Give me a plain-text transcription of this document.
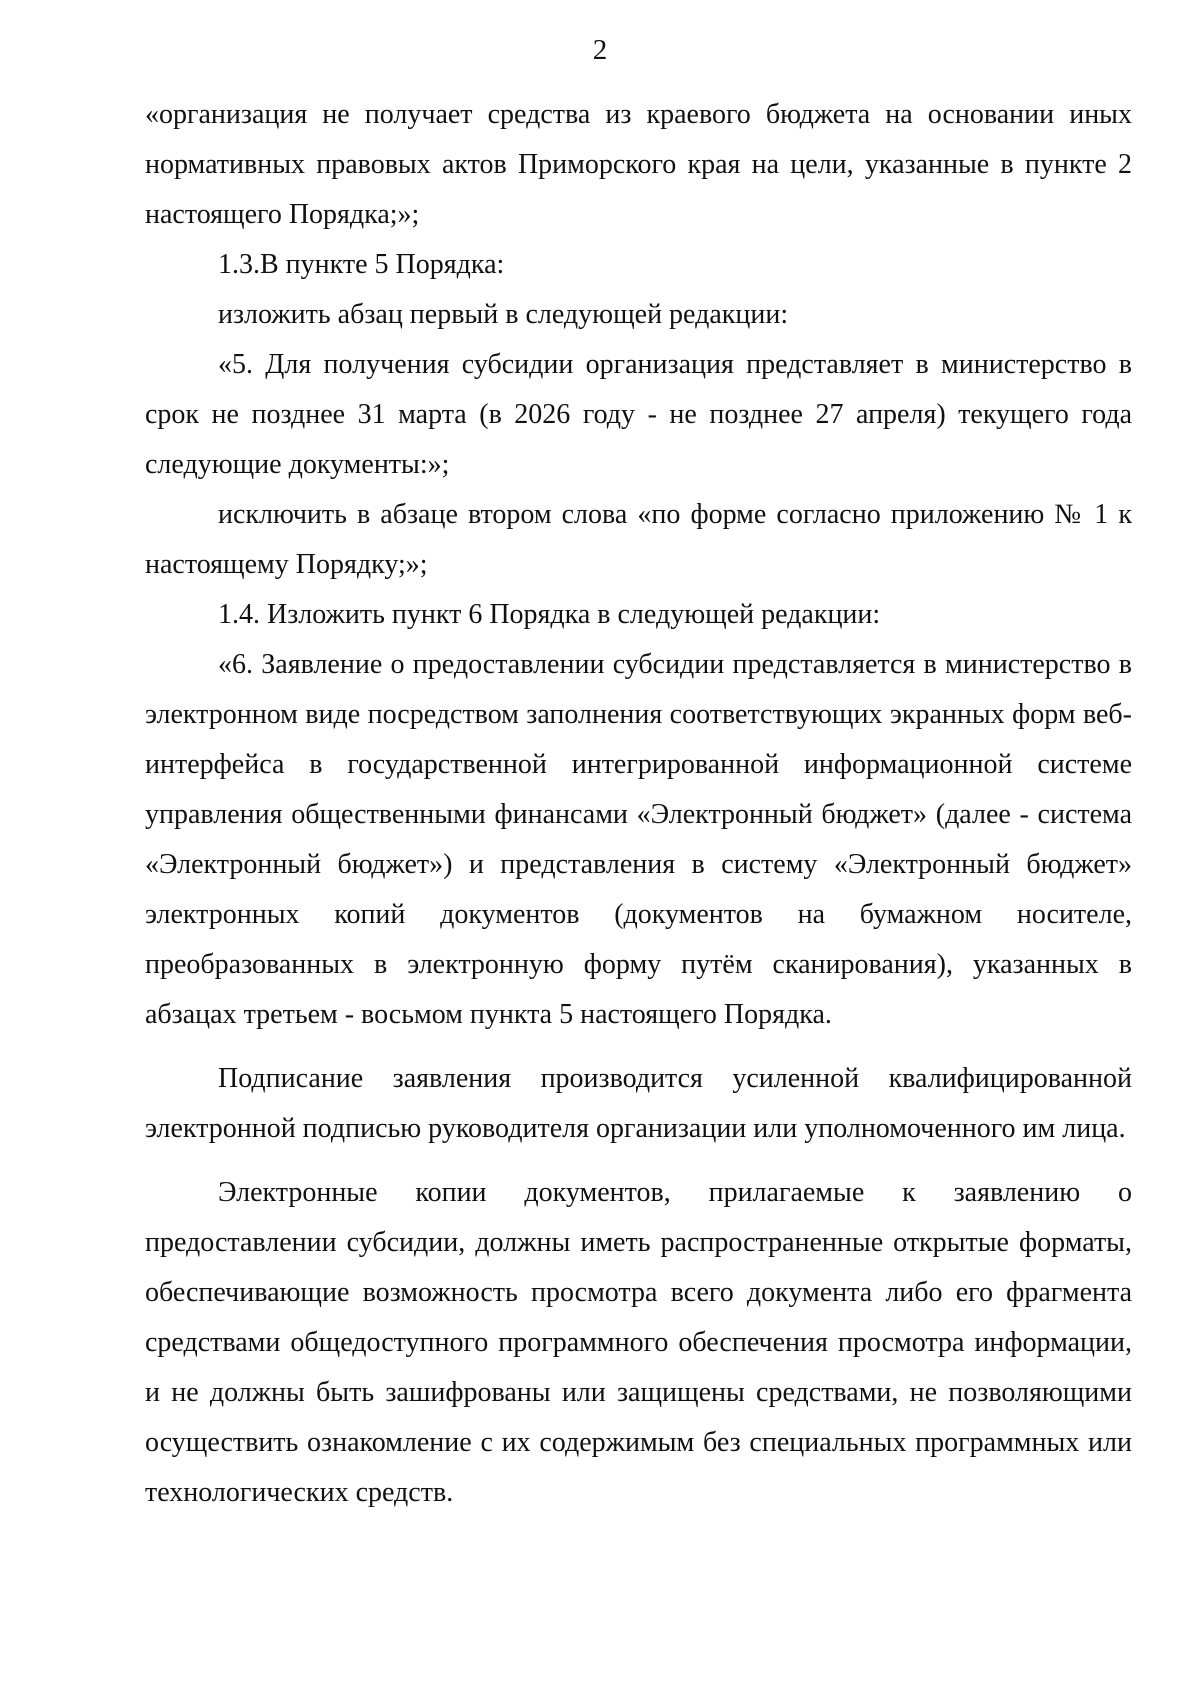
2

«организация не получает средства из краевого бюджета на основании иных нормативных правовых актов Приморского края на цели, указанные в пункте 2 настоящего Порядка;»;

1.3.В пункте 5 Порядка:

изложить абзац первый в следующей редакции:

«5. Для получения субсидии организация представляет в министерство в срок не позднее 31 марта (в 2026 году - не позднее 27 апреля) текущего года следующие документы:»;

исключить в абзаце втором слова «по форме согласно приложению № 1 к настоящему Порядку;»;

1.4. Изложить пункт 6 Порядка в следующей редакции:

«6. Заявление о предоставлении субсидии представляется в министерство в электронном виде посредством заполнения соответствующих экранных форм веб-интерфейса в государственной интегрированной информационной системе управления общественными финансами «Электронный бюджет» (далее - система «Электронный бюджет») и представления в систему «Электронный бюджет» электронных копий документов (документов на бумажном носителе, преобразованных в электронную форму путём сканирования), указанных в абзацах третьем - восьмом пункта 5 настоящего Порядка.

Подписание заявления производится усиленной квалифицированной электронной подписью руководителя организации или уполномоченного им лица.

Электронные копии документов, прилагаемые к заявлению о предоставлении субсидии, должны иметь распространенные открытые форматы, обеспечивающие возможность просмотра всего документа либо его фрагмента средствами общедоступного программного обеспечения просмотра информации, и не должны быть зашифрованы или защищены средствами, не позволяющими осуществить ознакомление с их содержимым без специальных программных или технологических средств.
